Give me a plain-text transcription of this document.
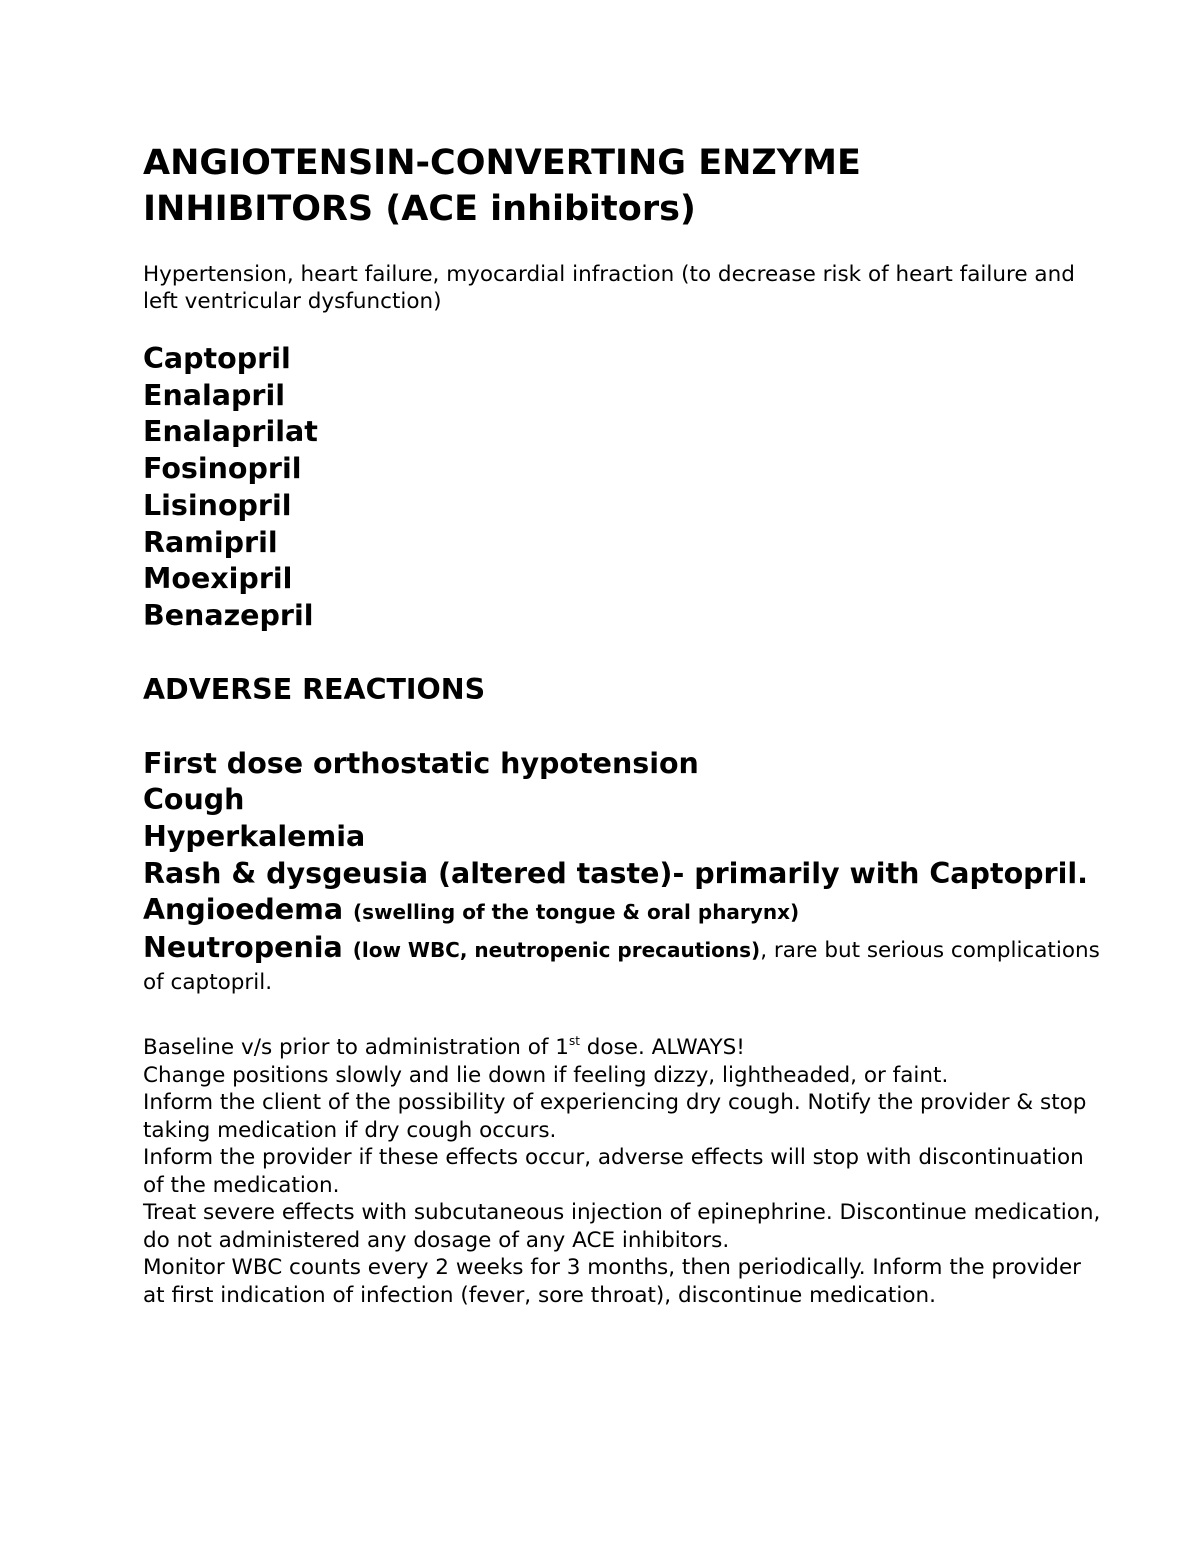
ANGIOTENSIN-CONVERTING ENZYME INHIBITORS (ACE inhibitors)

Hypertension, heart failure, myocardial infraction (to decrease risk of heart failure and left ventricular dysfunction)

Captopril
Enalapril
Enalaprilat
Fosinopril
Lisinopril
Ramipril
Moexipril
Benazepril
ADVERSE REACTIONS
First dose orthostatic hypotension
Cough
Hyperkalemia
Rash & dysgeusia (altered taste)- primarily with Captopril.
Angioedema (swelling of the tongue & oral pharynx)
Neutropenia (low WBC, neutropenic precautions), rare but serious complications of captopril.
Baseline v/s prior to administration of 1st dose. ALWAYS!
Change positions slowly and lie down if feeling dizzy, lightheaded, or faint.
Inform the client of the possibility of experiencing dry cough. Notify the provider & stop taking medication if dry cough occurs.
Inform the provider if these effects occur, adverse effects will stop with discontinuation of the medication.
Treat severe effects with subcutaneous injection of epinephrine. Discontinue medication, do not administered any dosage of any ACE inhibitors.
Monitor WBC counts every 2 weeks for 3 months, then periodically. Inform the provider at first indication of infection (fever, sore throat), discontinue medication.
